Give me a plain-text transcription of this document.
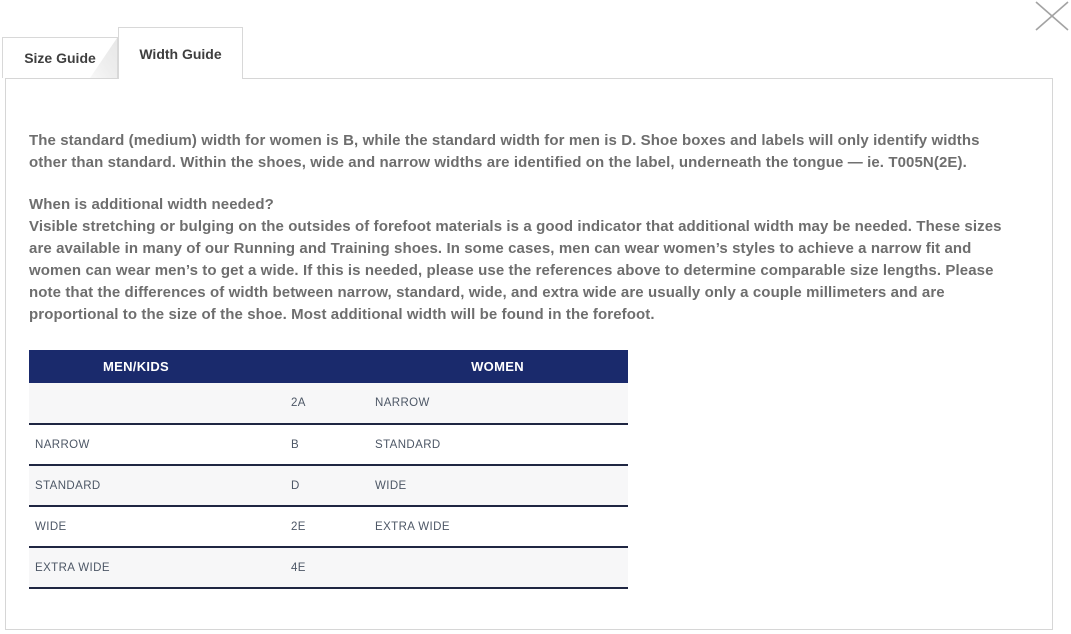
Size Guide	Width Guide

The standard (medium) width for women is B, while the standard width for men is D. Shoe boxes and labels will only identify widths other than standard. Within the shoes, wide and narrow widths are identified on the label, underneath the tongue — ie. T005N(2E).

When is additional width needed?

Visible stretching or bulging on the outsides of forefoot materials is a good indicator that additional width may be needed. These sizes are available in many of our Running and Training shoes. In some cases, men can wear women’s styles to achieve a narrow fit and women can wear men’s to get a wide. If this is needed, please use the references above to determine comparable size lengths. Please note that the differences of width between narrow, standard, wide, and extra wide are usually only a couple millimeters and are proportional to the size of the shoe. Most additional width will be found in the forefoot.

MEN/KIDS		WOMEN
	2A	NARROW
NARROW	B	STANDARD
STANDARD	D	WIDE
WIDE	2E	EXTRA WIDE
EXTRA WIDE	4E	
